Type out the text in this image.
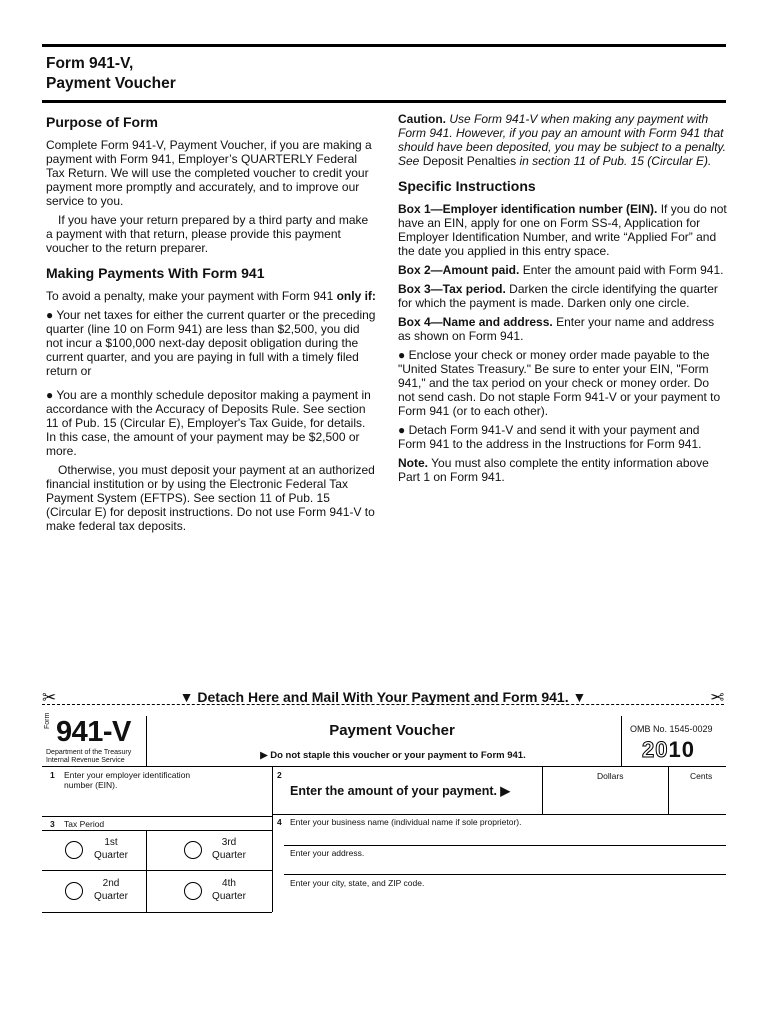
Form 941-V,
Payment Voucher
Purpose of Form

Complete Form 941-V, Payment Voucher, if you are making a payment with Form 941, Employer’s QUARTERLY Federal Tax Return. We will use the completed voucher to credit your payment more promptly and accurately, and to improve our service to you.

If you have your return prepared by a third party and make a payment with that return, please provide this payment voucher to the return preparer.

Making Payments With Form 941

To avoid a penalty, make your payment with Form 941 only if:

● Your net taxes for either the current quarter or the preceding quarter (line 10 on Form 941) are less than $2,500, you did not incur a $100,000 next-day deposit obligation during the current quarter, and you are paying in full with a timely filed return or

● You are a monthly schedule depositor making a payment in accordance with the Accuracy of Deposits Rule. See section 11 of Pub. 15 (Circular E), Employer's Tax Guide, for details. In this case, the amount of your payment may be $2,500 or more.

Otherwise, you must deposit your payment at an authorized financial institution or by using the Electronic Federal Tax Payment System (EFTPS). See section 11 of Pub. 15 (Circular E) for deposit instructions. Do not use Form 941-V to make federal tax deposits.

Caution. Use Form 941-V when making any payment with Form 941. However, if you pay an amount with Form 941 that should have been deposited, you may be subject to a penalty. See Deposit Penalties in section 11 of Pub. 15 (Circular E).

Specific Instructions

Box 1—Employer identification number (EIN). If you do not have an EIN, apply for one on Form SS-4, Application for Employer Identification Number, and write “Applied For” and the date you applied in this entry space.

Box 2—Amount paid. Enter the amount paid with Form 941.

Box 3—Tax period. Darken the circle identifying the quarter for which the payment is made. Darken only one circle.

Box 4—Name and address. Enter your name and address as shown on Form 941.

● Enclose your check or money order made payable to the "United States Treasury." Be sure to enter your EIN, "Form 941," and the tax period on your check or money order. Do not send cash. Do not staple Form 941-V or your payment to Form 941 (or to each other).

● Detach Form 941-V and send it with your payment and Form 941 to the address in the Instructions for Form 941.

Note. You must also complete the entity information above Part 1 on Form 941.

✂	▼ Detach Here and Mail With Your Payment and Form 941. ▼	✂
Form 941-V
Department of the Treasury
Internal Revenue Service
Payment Voucher
▶ Do not staple this voucher or your payment to Form 941.
OMB No. 1545-0029
2010
1 Enter your employer identification number (EIN).
2	Dollars	Cents
Enter the amount of your payment. ▶
3 Tax Period
1st Quarter
3rd Quarter
2nd Quarter
4th Quarter
4 Enter your business name (individual name if sole proprietor).
Enter your address.
Enter your city, state, and ZIP code.
